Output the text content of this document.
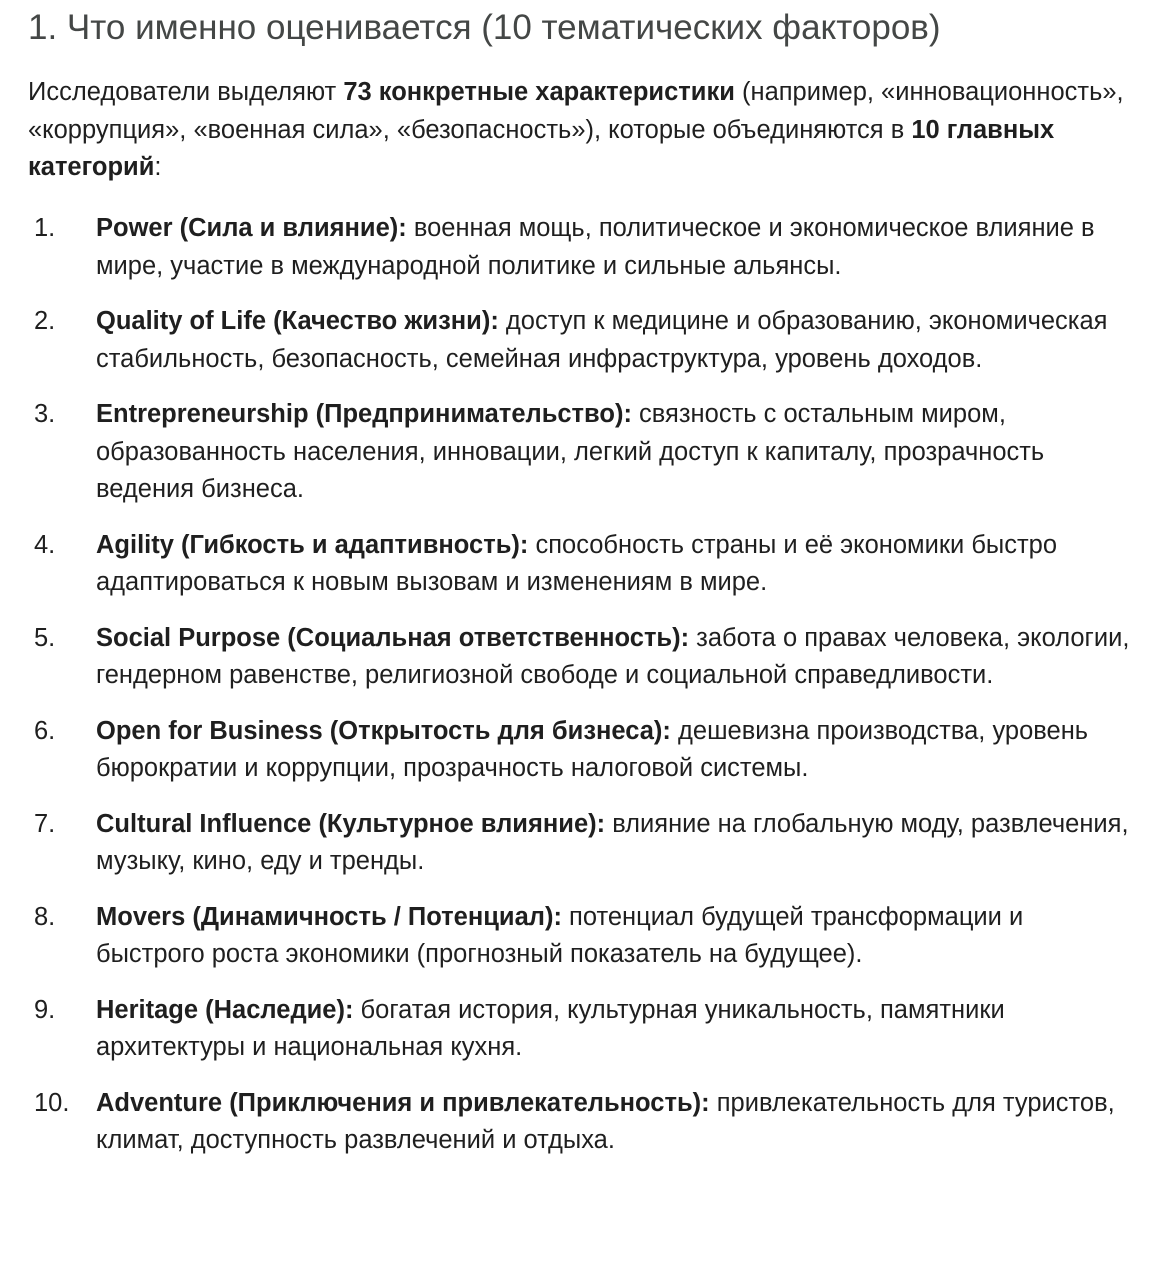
1. Что именно оценивается (10 тематических факторов)

Исследователи выделяют 73 конкретные характеристики (например, «инновационность», «коррупция», «военная сила», «безопасность»), которые объединяются в 10 главных категорий:

1. Power (Сила и влияние): военная мощь, политическое и экономическое влияние в мире, участие в международной политике и сильные альянсы.
2. Quality of Life (Качество жизни): доступ к медицине и образованию, экономическая стабильность, безопасность, семейная инфраструктура, уровень доходов.
3. Entrepreneurship (Предпринимательство): связность с остальным миром, образованность населения, инновации, легкий доступ к капиталу, прозрачность ведения бизнеса.
4. Agility (Гибкость и адаптивность): способность страны и её экономики быстро адаптироваться к новым вызовам и изменениям в мире.
5. Social Purpose (Социальная ответственность): забота о правах человека, экологии, гендерном равенстве, религиозной свободе и социальной справедливости.
6. Open for Business (Открытость для бизнеса): дешевизна производства, уровень бюрократии и коррупции, прозрачность налоговой системы.
7. Cultural Influence (Культурное влияние): влияние на глобальную моду, развлечения, музыку, кино, еду и тренды.
8. Movers (Динамичность / Потенциал): потенциал будущей трансформации и быстрого роста экономики (прогнозный показатель на будущее).
9. Heritage (Наследие): богатая история, культурная уникальность, памятники архитектуры и национальная кухня.
10. Adventure (Приключения и привлекательность): привлекательность для туристов, климат, доступность развлечений и отдыха.
